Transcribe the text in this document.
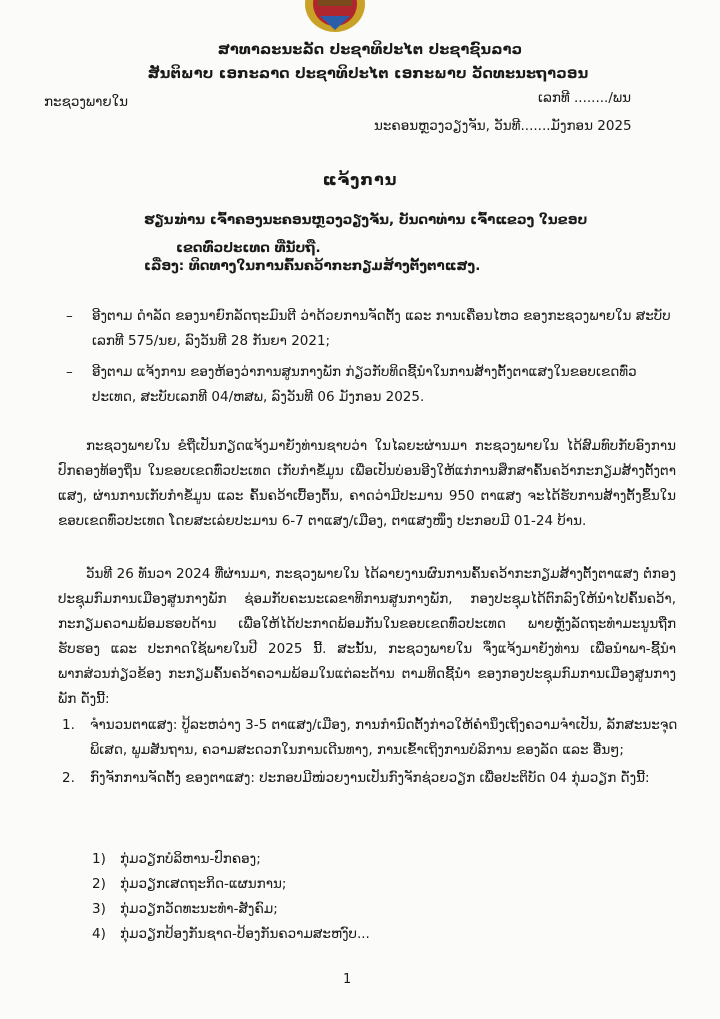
ສາທາລະນະລັດ ປະຊາທິປະໄຕ ປະຊາຊົນລາວ
ສັນຕິພາບ ເອກະລາດ ປະຊາທິປະໄຕ ເອກະພາບ ວັດທະນະຖາວອນ
ກະຊວງພາຍໃນ	ເລກທີ ......../ພນ
ນະຄອນຫຼວງວຽງຈັນ, ວັນທີ.......ມັງກອນ 2025
ແຈ້ງການ
ຮຽນ:ທ່ານ ເຈົ້າຄອງນະຄອນຫຼວງວຽງຈັນ, ບັນດາທ່ານ ເຈົ້າແຂວງ ໃນຂອບ
ເຂດທົ່ວປະເທດ ທີ່ນັບຖື.
ເລື່ອງ: ທິດທາງໃນການຄົ້ນຄວ້າກະກຽມສ້າງຕັ້ງຕາແສງ.
– ອີງຕາມ ດຳລັດ ຂອງນາຍົກລັດຖະມົນຕີ ວ່າດ້ວຍການຈັດຕັ້ງ ແລະ ການເຄື່ອນໄຫວ ຂອງກະຊວງພາຍໃນ ສະບັບເລກທີ 575/ນຍ, ລົງວັນທີ 28 ກັນຍາ 2021;
– ອີງຕາມ ແຈ້ງການ ຂອງຫ້ອງວ່າການສູນກາງພັກ ກ່ຽວກັບທິດຊີ້ນຳໃນການສ້າງຕັ້ງຕາແສງໃນຂອບເຂດທົ່ວປະເທດ, ສະບັບເລກທີ 04/ຫສພ, ລົງວັນທີ 06 ມັງກອນ 2025.
ກະຊວງພາຍໃນ ຂໍຖືເປັນກຽດແຈ້ງມາຍັງທ່ານຊາບວ່າ ໃນໄລຍະຜ່ານມາ ກະຊວງພາຍໃນ ໄດ້ສົມທົບກັບອົງການປົກຄອງທ້ອງຖິ່ນ ໃນຂອບເຂດທົ່ວປະເທດ ເກັບກຳຂໍ້ມູນ ເພື່ອເປັນບ່ອນອີງໃຫ້ແກ່ການສຶກສາຄົ້ນຄວ້າກະກຽມສ້າງຕັ້ງຕາແສງ, ຜ່ານການເກັບກຳຂໍ້ມູນ ແລະ ຄົ້ນຄວ້າເບື້ອງຕົ້ນ, ຄາດວ່າມີປະມານ 950 ຕາແສງ ຈະໄດ້ຮັບການສ້າງຕັ້ງຂຶ້ນໃນຂອບເຂດທົ່ວປະເທດ ໂດຍສະເລ່ຍປະມານ 6-7 ຕາແສງ/ເມືອງ, ຕາແສງໜຶ່ງ ປະກອບມີ 01-24 ບ້ານ.
ວັນທີ 26 ທັນວາ 2024 ທີ່ຜ່ານມາ, ກະຊວງພາຍໃນ ໄດ້ລາຍງານຜົນການຄົ້ນຄວ້າກະກຽມສ້າງຕັ້ງຕາແສງ ຕໍ່ກອງປະຊຸມກົມການເມືອງສູນກາງພັກ ຊ່ອມກັບຄະນະເລຂາທິການສູນກາງພັກ, ກອງປະຊຸມໄດ້ຕົກລົງໃຫ້ນຳໄປຄົ້ນຄວ້າ, ກະກຽມຄວາມພ້ອມຮອບດ້ານ ເພື່ອໃຫ້ໄດ້ປະກາດພ້ອມກັນໃນຂອບເຂດທົ່ວປະເທດ ພາຍຫຼັງລັດຖະທຳມະນູນຖືກຮັບຮອງ ແລະ ປະກາດໃຊ້ພາຍໃນປີ 2025 ນີ້. ສະນັ້ນ, ກະຊວງພາຍໃນ ຈຶ່ງແຈ້ງມາຍັງທ່ານ ເພື່ອນຳພາ-ຊີ້ນຳພາກສ່ວນກ່ຽວຂ້ອງ ກະກຽມຄົ້ນຄວ້າຄວາມພ້ອມໃນແຕ່ລະດ້ານ ຕາມທິດຊີ້ນຳ ຂອງກອງປະຊຸມກົມການເມືອງສູນກາງພັກ ດັ່ງນີ້:
1. ຈຳນວນຕາແສງ: ປູ້ລະຫວ່າງ 3-5 ຕາແສງ/ເມືອງ, ການກຳນົດຕັ້ງກ່າວໃຫ້ຄຳນຶງເຖິງຄວາມຈຳເປັນ, ລັກສະນະຈຸດພິເສດ, ພູມສັນຖານ, ຄວາມສະດວກໃນການເດີນທາງ, ການເຂົ້າເຖິງການບໍລິການ ຂອງລັດ ແລະ ອື່ນໆ;
2. ກົງຈັກການຈັດຕັ້ງ ຂອງຕາແສງ: ປະກອບມີໜ່ວຍງານເປັນກົງຈັກຊ່ວຍວຽກ ເພື່ອປະຕິບັດ 04 ກຸ່ມວຽກ ດັ່ງນີ້:
1) ກຸ່ມວຽກບໍລິຫານ-ປົກຄອງ;
2) ກຸ່ມວຽກເສດຖະກິດ-ແຜນການ;
3) ກຸ່ມວຽກວັດທະນະທຳ-ສັງຄົມ;
4) ກຸ່ມວຽກປ້ອງກັນຊາດ-ປ້ອງກັນຄວາມສະຫງົບ...
1
